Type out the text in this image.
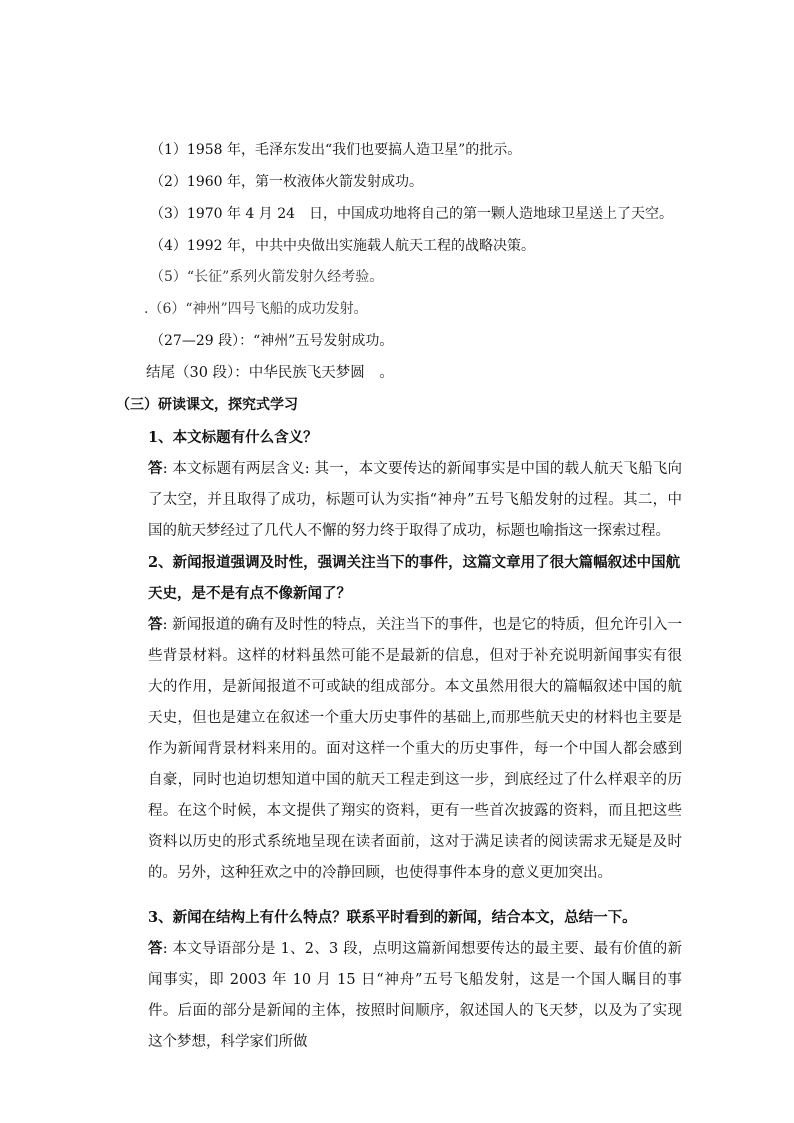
（1）1958 年，毛泽东发出“我们也要搞人造卫星”的批示。
（2）1960 年，第一枚液体火箭发射成功。
（3）1970 年 4 月 24　日，中国成功地将自己的第一颗人造地球卫星送上了天空。
（4）1992 年，中共中央做出实施载人航天工程的战略决策。
（5）“长征”系列火箭发射久经考验。
.（6）“神州”四号飞船的成功发射。
（27—29 段）：“神州”五号发射成功。
结尾（30 段）：中华民族飞天梦圆　。
（三）研读课文，探究式学习
1、本文标题有什么含义？
答: 本文标题有两层含义: 其一，本文要传达的新闻事实是中国的载人航天飞船飞向了太空，并且取得了成功，标题可认为实指“神舟”五号飞船发射的过程。其二，中国的航天梦经过了几代人不懈的努力终于取得了成功，标题也喻指这一探索过程。
2、新闻报道强调及时性，强调关注当下的事件，这篇文章用了很大篇幅叙述中国航天史，是不是有点不像新闻了？
答: 新闻报道的确有及时性的特点，关注当下的事件，也是它的特质，但允许引入一些背景材料。这样的材料虽然可能不是最新的信息，但对于补充说明新闻事实有很大的作用，是新闻报道不可或缺的组成部分。本文虽然用很大的篇幅叙述中国的航天史，但也是建立在叙述一个重大历史事件的基础上,而那些航天史的材料也主要是作为新闻背景材料来用的。面对这样一个重大的历史事件，每一个中国人都会感到自豪，同时也迫切想知道中国的航天工程走到这一步，到底经过了什么样艰辛的历程。在这个时候，本文提供了翔实的资料，更有一些首次披露的资料，而且把这些资料以历史的形式系统地呈现在读者面前，这对于满足读者的阅读需求无疑是及时的。另外，这种狂欢之中的冷静回顾，也使得事件本身的意义更加突出。
3、新闻在结构上有什么特点？联系平时看到的新闻，结合本文，总结一下。
答: 本文导语部分是 1、2、3 段，点明这篇新闻想要传达的最主要、最有价值的新闻事实，即 2003 年 10 月 15 日“神舟”五号飞船发射，这是一个国人瞩目的事件。后面的部分是新闻的主体，按照时间顺序，叙述国人的飞天梦，以及为了实现这个梦想，科学家们所做
